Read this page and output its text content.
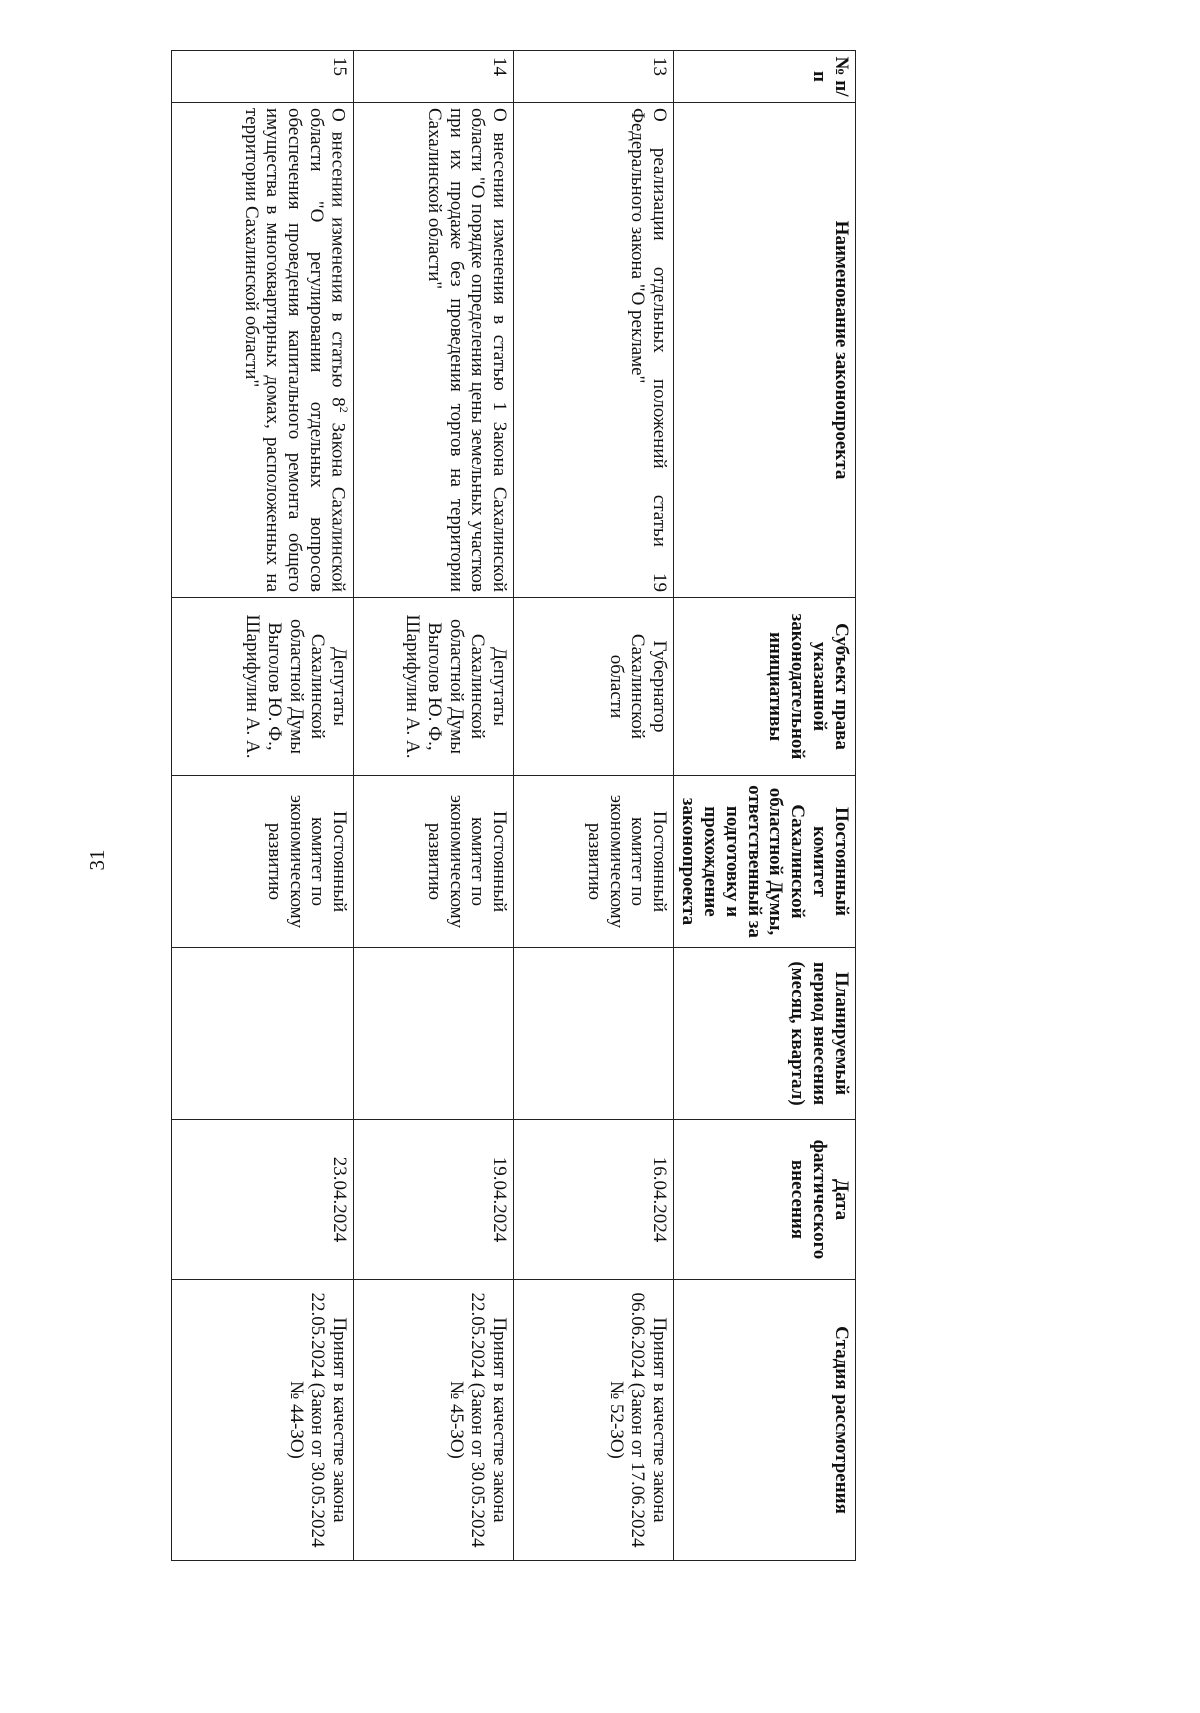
31
№ п/п	Наименование законопроекта	Субъект права указанной законодательной инициативы	Постоянный комитет Сахалинской областной Думы, ответственный за подготовку и прохождение законопроекта	Планируемый период внесения (месяц, квартал)	Дата фактического внесения	Стадия рассмотрения
13	О реализации отдельных положений статьи 19 Федерального закона "О рекламе"	Губернатор Сахалинской области	Постоянный комитет по экономическому развитию		16.04.2024	Принят в качестве закона 06.06.2024 (Закон от 17.06.2024 № 52-ЗО)
14	О внесении изменения в статью 1 Закона Сахалинской области "О порядке определения цены земельных участков при их продаже без проведения торгов на территории Сахалинской области"	Депутаты Сахалинской областной Думы Выголов Ю. Ф., Шарифулин А. А.	Постоянный комитет по экономическому развитию		19.04.2024	Принят в качестве закона 22.05.2024 (Закон от 30.05.2024 № 45-ЗО)
15	О внесении изменения в статью $8^2$ Закона Сахалинской области "О регулировании отдельных вопросов обеспечения проведения капитального ремонта общего имущества в многоквартирных домах, расположенных на территории Сахалинской области"	Депутаты Сахалинской областной Думы Выголов Ю. Ф., Шарифулин А. А.	Постоянный комитет по экономическому развитию		23.04.2024	Принят в качестве закона 22.05.2024 (Закон от 30.05.2024 № 44-ЗО)
